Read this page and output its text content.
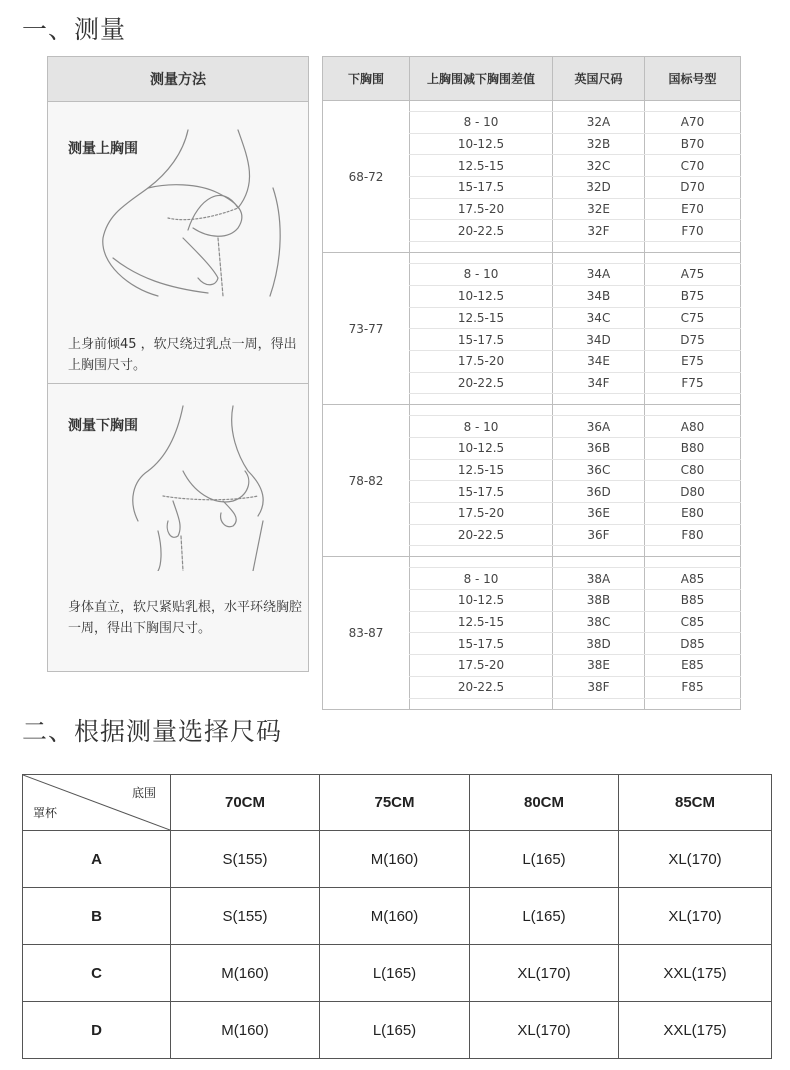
一、测量
测量方法
测量上胸围
上身前倾45 ，软尺绕过乳点一周，得出上胸围尺寸。
测量下胸围
身体直立，软尺紧贴乳根，水平环绕胸腔一周，得出下胸围尺寸。
下胸围	上胸围减下胸围差值	英国尺码	国标号型
68-72			
	8 - 10	32A	A70
	10-12.5	32B	B70
	12.5-15	32C	C70
	15-17.5	32D	D70
	17.5-20	32E	E70
	20-22.5	32F	F70

73-77			
	8 - 10	34A	A75
	10-12.5	34B	B75
	12.5-15	34C	C75
	15-17.5	34D	D75
	17.5-20	34E	E75
	20-22.5	34F	F75

78-82			
	8 - 10	36A	A80
	10-12.5	36B	B80
	12.5-15	36C	C80
	15-17.5	36D	D80
	17.5-20	36E	E80
	20-22.5	36F	F80

83-87			
	8 - 10	38A	A85
	10-12.5	38B	B85
	12.5-15	38C	C85
	15-17.5	38D	D85
	17.5-20	38E	E85
	20-22.5	38F	F85

二、根据测量选择尺码
底围
罩杯	70CM	75CM	80CM	85CM
A	S(155)	M(160)	L(165)	XL(170)
B	S(155)	M(160)	L(165)	XL(170)
C	M(160)	L(165)	XL(170)	XXL(175)
D	M(160)	L(165)	XL(170)	XXL(175)
